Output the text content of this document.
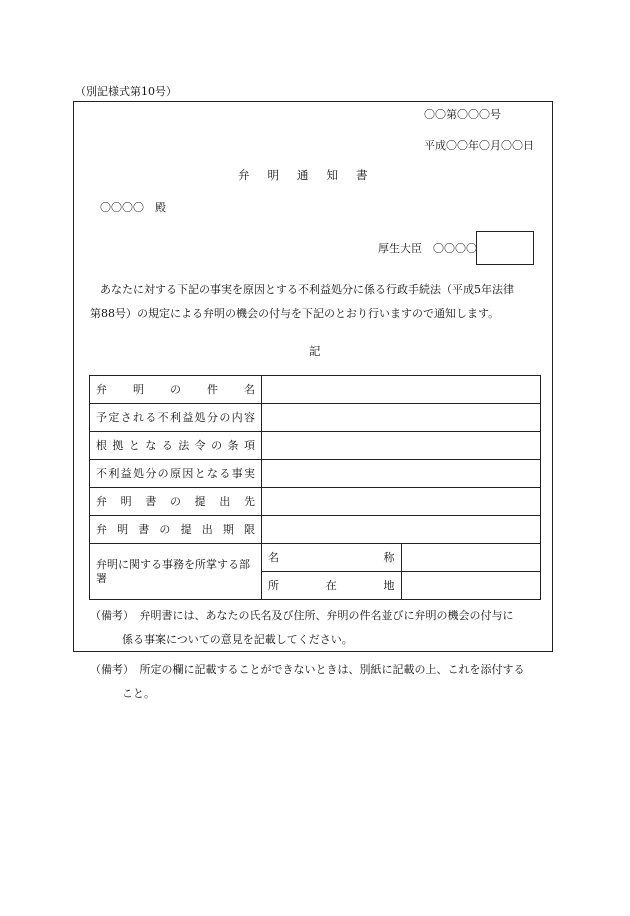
（別記様式第10号）
〇〇第〇〇〇号
平成〇〇年〇月〇〇日
弁明通知書
〇〇〇〇　殿
厚生大臣　〇〇〇〇
あなたに対する下記の事実を原因とする不利益処分に係る行政手続法（平成5年法律
第88号）の規定による弁明の機会の付与を下記のとおり行いますので通知します。
記
弁明の件名		
予定される不利益処分の内容		
根拠となる法令の条項		
不利益処分の原因となる事実		
弁明書の提出先		
弁明書の提出期限		
弁明に関する事務を所掌する部署	名称	
	所在地	
（備考）　弁明書には、あなたの氏名及び住所、弁明の件名並びに弁明の機会の付与に
係る事案についての意見を記載してください。
（備考）　所定の欄に記載することができないときは、別紙に記載の上、これを添付する
こと。
